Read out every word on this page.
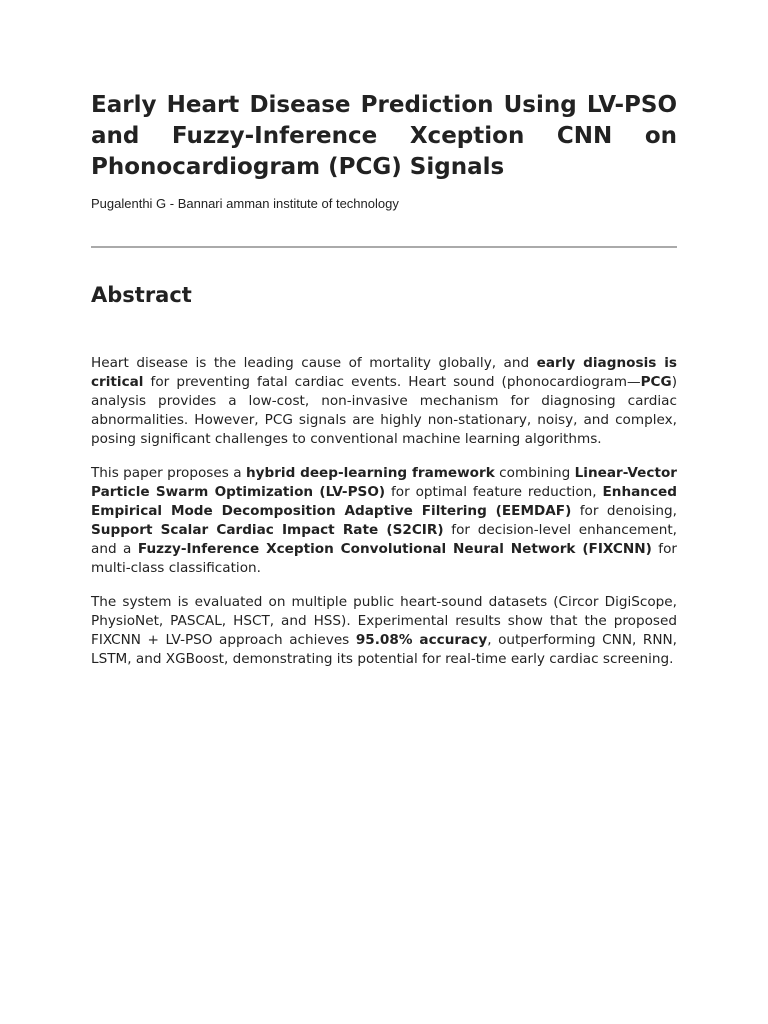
Early Heart Disease Prediction Using LV-PSO and Fuzzy-Inference Xception CNN on Phonocardiogram (PCG) Signals

Pugalenthi G - Bannari amman institute of technology

Abstract

Heart disease is the leading cause of mortality globally, and early diagnosis is critical for preventing fatal cardiac events. Heart sound (phonocardiogram—PCG) analysis provides a low-cost, non-invasive mechanism for diagnosing cardiac abnormalities. However, PCG signals are highly non-stationary, noisy, and complex, posing significant challenges to conventional machine learning algorithms.

This paper proposes a hybrid deep-learning framework combining Linear-Vector Particle Swarm Optimization (LV-PSO) for optimal feature reduction, Enhanced Empirical Mode Decomposition Adaptive Filtering (EEMDAF) for denoising, Support Scalar Cardiac Impact Rate (S2CIR) for decision-level enhancement, and a Fuzzy-Inference Xception Convolutional Neural Network (FIXCNN) for multi-class classification.

The system is evaluated on multiple public heart-sound datasets (Circor DigiScope, PhysioNet, PASCAL, HSCT, and HSS). Experimental results show that the proposed FIXCNN + LV-PSO approach achieves 95.08% accuracy, outperforming CNN, RNN, LSTM, and XGBoost, demonstrating its potential for real-time early cardiac screening.
